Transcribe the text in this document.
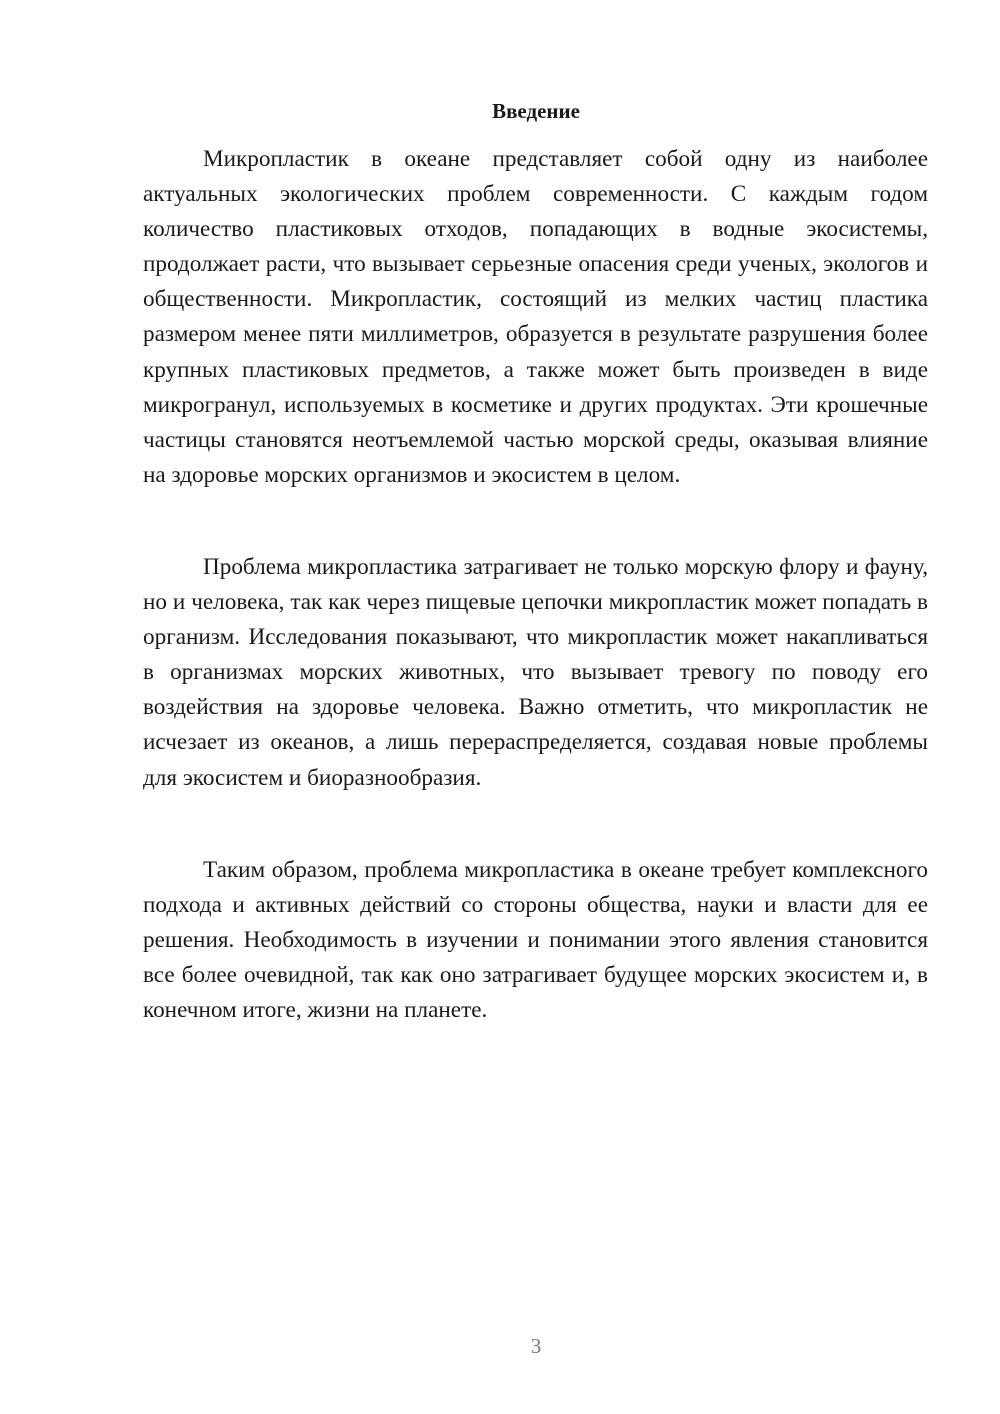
Введение

Микропластик в океане представляет собой одну из наиболее актуальных экологических проблем современности. С каждым годом количество пластиковых отходов, попадающих в водные экосистемы, продолжает расти, что вызывает серьезные опасения среди ученых, экологов и общественности. Микропластик, состоящий из мелких частиц пластика размером менее пяти миллиметров, образуется в результате разрушения более крупных пластиковых предметов, а также может быть произведен в виде микрогранул, используемых в косметике и других продуктах. Эти крошечные частицы становятся неотъемлемой частью морской среды, оказывая влияние на здоровье морских организмов и экосистем в целом.

Проблема микропластика затрагивает не только морскую флору и фауну, но и человека, так как через пищевые цепочки микропластик может попадать в организм. Исследования показывают, что микропластик может накапливаться в организмах морских животных, что вызывает тревогу по поводу его воздействия на здоровье человека. Важно отметить, что микропластик не исчезает из океанов, а лишь перераспределяется, создавая новые проблемы для экосистем и биоразнообразия.

Таким образом, проблема микропластика в океане требует комплексного подхода и активных действий со стороны общества, науки и власти для ее решения. Необходимость в изучении и понимании этого явления становится все более очевидной, так как оно затрагивает будущее морских экосистем и, в конечном итоге, жизни на планете.

3
